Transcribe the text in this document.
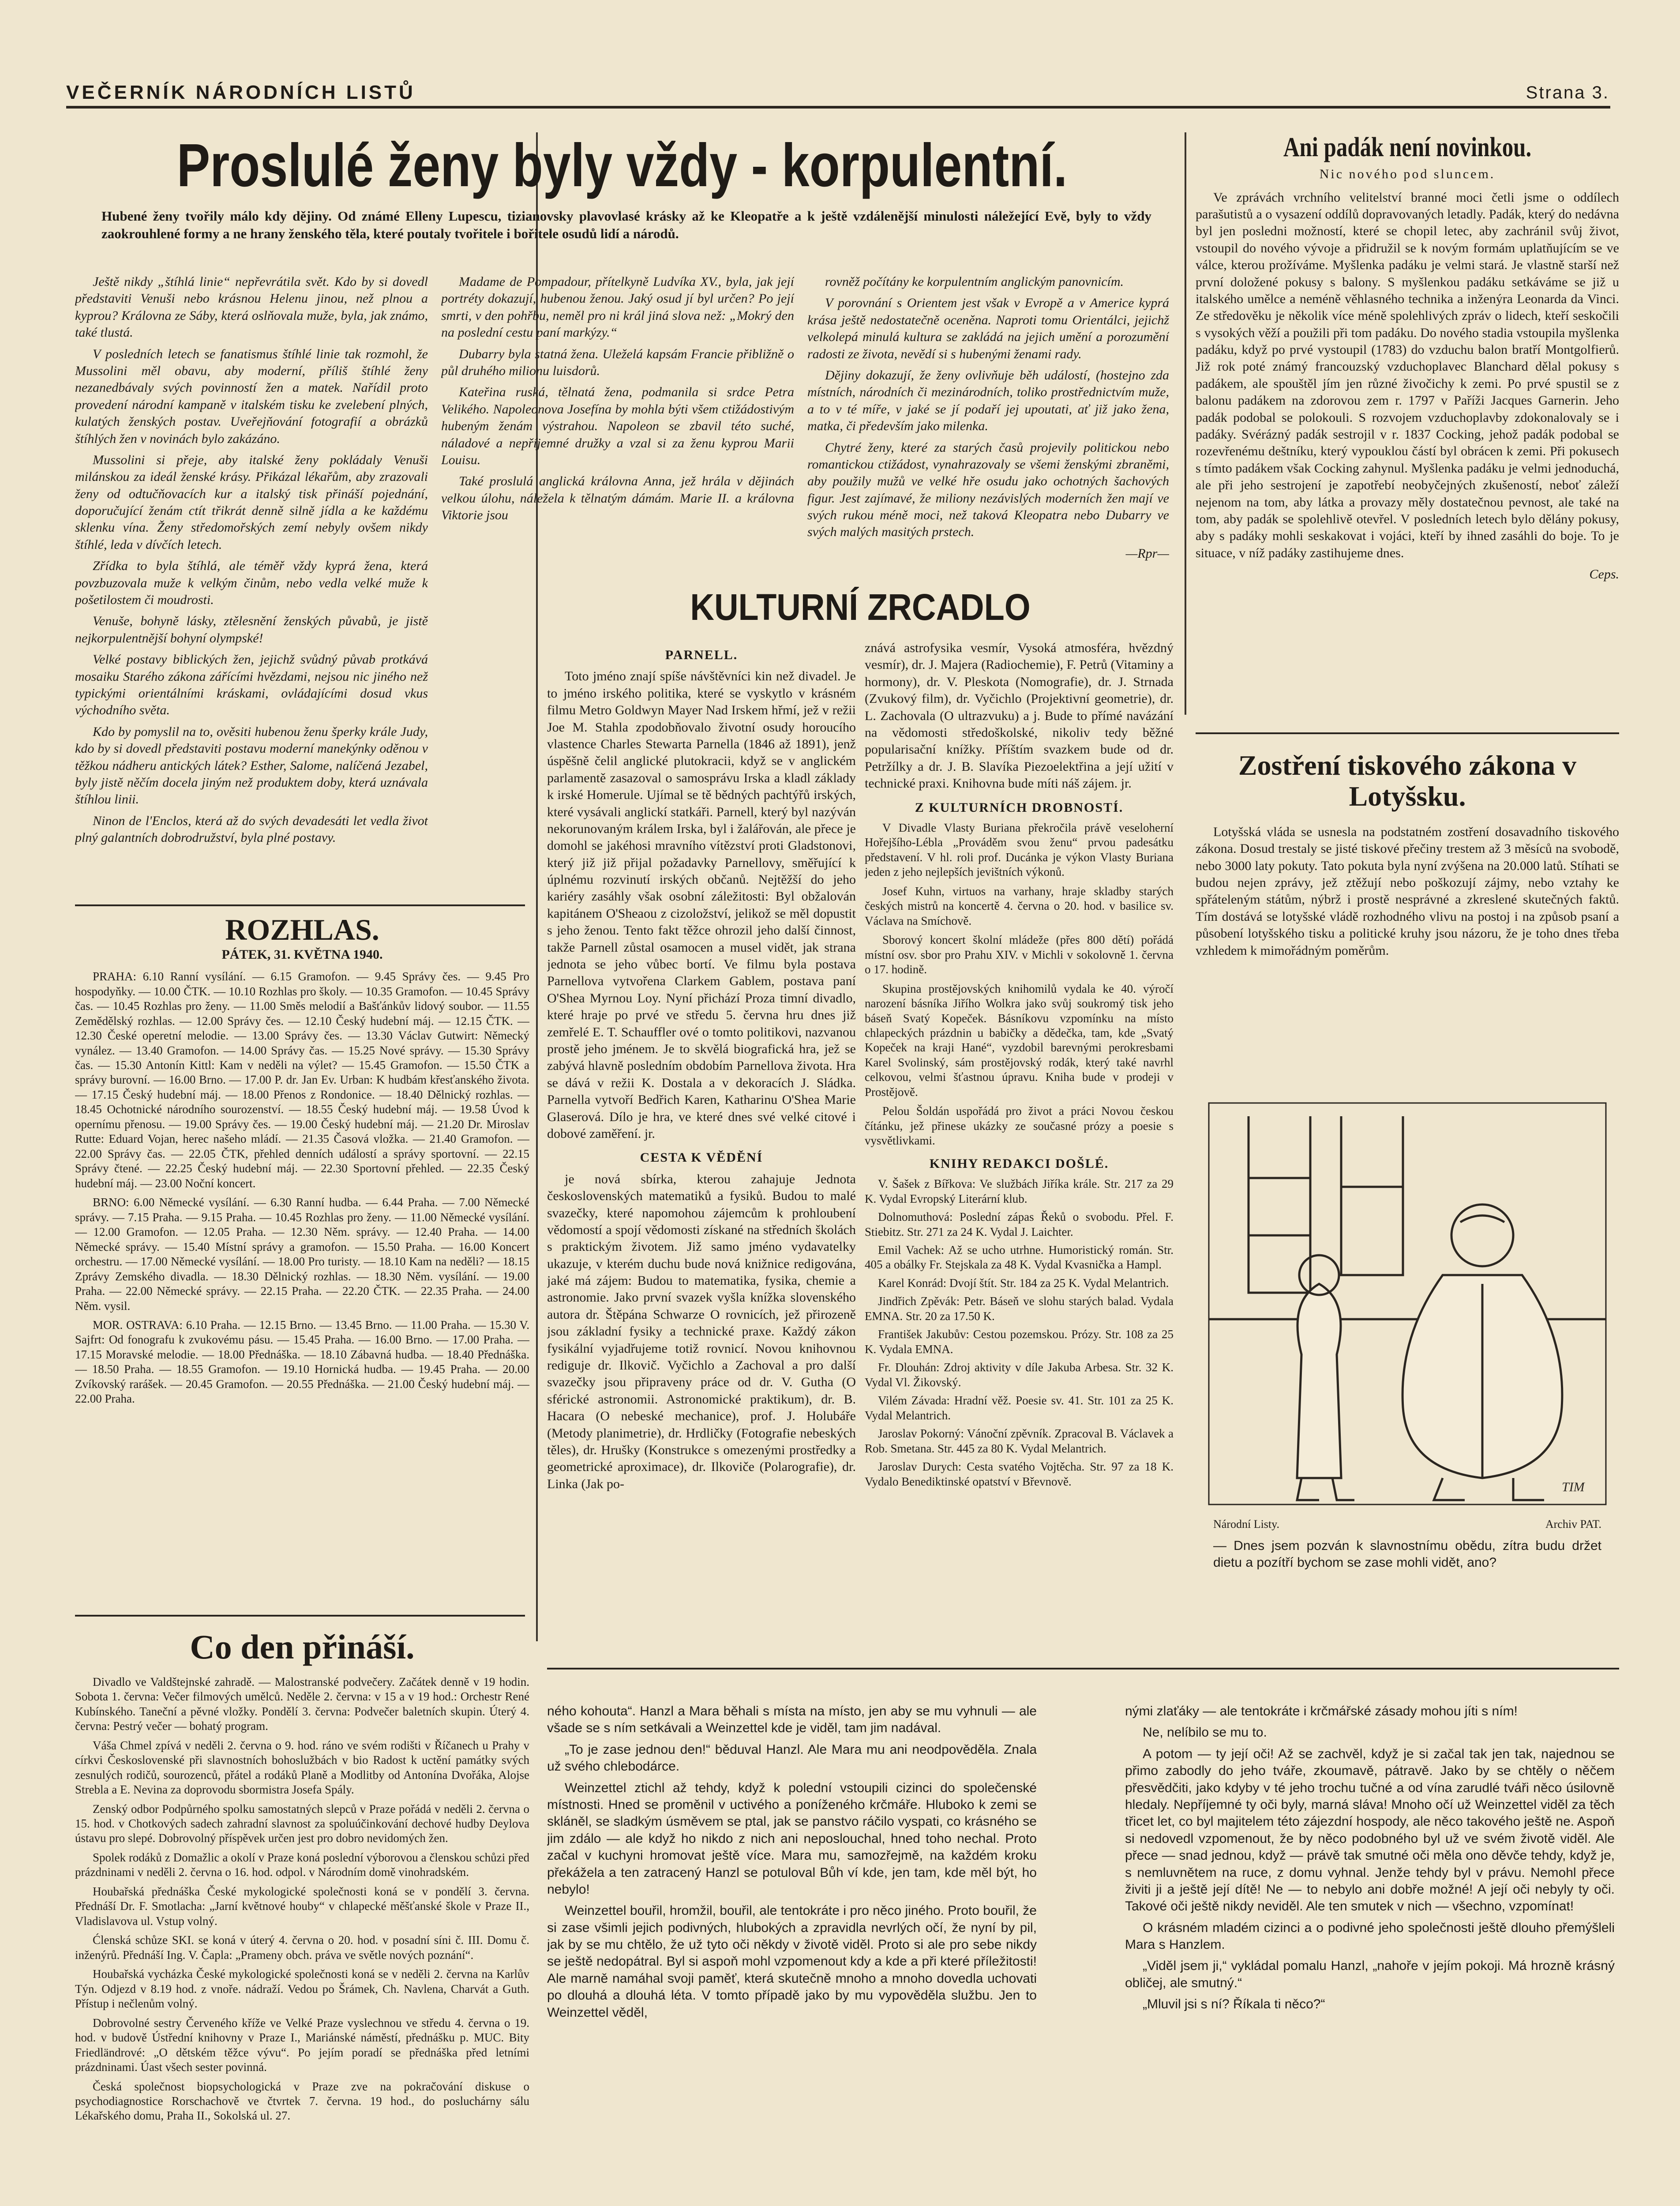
VEČERNÍK NÁRODNÍCH LISTŮ	Strana 3.
Proslulé ženy byly vždy - korpulentní.
Hubené ženy tvořily málo kdy dějiny. Od známé Elleny Lupescu, tizianovsky plavovlasé krásky až ke Kleopatře a k ještě vzdálenější minulosti náležející Evě, byly to vždy zaokrouhlené formy a ne hrany ženského těla, které poutaly tvořitele i bořitele osudů lidí a národů.

Ještě nikdy „štíhlá linie“ nepřevrátila svět. Kdo by si dovedl představiti Venuši nebo krásnou Helenu jinou, než plnou a kyprou? Královna ze Sáby, která oslňovala muže, byla, jak známo, také tlustá.

V posledních letech se fanatismus štíhlé linie tak rozmohl, že Mussolini měl obavu, aby moderní, příliš štíhlé ženy nezanedbávaly svých povinností žen a matek. Nařídil proto provedení národní kampaně v italském tisku ke zvelebení plných, kulatých ženských postav. Uveřejňování fotografií a obrázků štíhlých žen v novinách bylo zakázáno.

Mussolini si přeje, aby italské ženy pokládaly Venuši milánskou za ideál ženské krásy. Přikázal lékařům, aby zrazovali ženy od odtučňovacích kur a italský tisk přináší pojednání, doporučující ženám ctít třikrát denně silně jídla a ke každému sklenku vína. Ženy středomořských zemí nebyly ovšem nikdy štíhlé, leda v dívčích letech.

Zřídka to byla štíhlá, ale téměř vždy kyprá žena, která povzbuzovala muže k velkým činům, nebo vedla velké muže k pošetilostem či moudrosti.

Venuše, bohyně lásky, ztělesnění ženských půvabů, je jistě nejkorpulentnější bohyní olympské!

Velké postavy biblických žen, jejichž svůdný půvab protkává mosaiku Starého zákona zářícími hvězdami, nejsou nic jiného než typickými orientálními kráskami, ovládajícími dosud vkus východního světa.

Kdo by pomyslil na to, ověsiti hubenou ženu šperky krále Judy, kdo by si dovedl představiti postavu moderní manekýnky oděnou v těžkou nádheru antických látek? Esther, Salome, nalíčená Jezabel, byly jistě něčím docela jiným než produktem doby, která uznávala štíhlou linii.

Ninon de l'Enclos, která až do svých devadesáti let vedla život plný galantních dobrodružství, byla plné postavy.

Madame de Pompadour, přítelkyně Ludvíka XV., byla, jak její portréty dokazují, hubenou ženou. Jaký osud jí byl určen? Po její smrti, v den pohřbu, neměl pro ni král jiná slova než: „Mokrý den na poslední cestu paní markýzy.“

Dubarry byla statná žena. Uleželá kapsám Francie přibližně o půl druhého milionu luisdorů.

Kateřina ruská, tělnatá žena, podmanila si srdce Petra Velikého. Napoleonova Josefína by mohla býti všem ctižádostivým hubeným ženám výstrahou. Napoleon se zbavil této suché, náladové a nepříjemné družky a vzal si za ženu kyprou Marii Louisu.

Také proslulá anglická královna Anna, jež hrála v dějinách velkou úlohu, náležela k tělnatým dámám. Marie II. a královna Viktorie jsou

rovněž počítány ke korpulentním anglickým panovnicím.

V porovnání s Orientem jest však v Evropě a v Americe kyprá krása ještě nedostatečně oceněna. Naproti tomu Orientálci, jejichž velkolepá minulá kultura se zakládá na jejich umění a porozumění radosti ze života, nevědí si s hubenými ženami rady.

Dějiny dokazují, že ženy ovlivňuje běh událostí, (hostejno zda místních, národních či mezinárodních, toliko prostřednictvím muže, a to v té míře, v jaké se jí podaří jej upoutati, ať již jako žena, matka, či především jako milenka.

Chytré ženy, které za starých časů projevily politickou nebo romantickou ctižádost, vynahrazovaly se všemi ženskými zbraněmi, aby použily mužů ve velké hře osudu jako ochotných šachových figur. Jest zajímavé, že miliony nezávislých moderních žen mají ve svých rukou méně moci, než taková Kleopatra nebo Dubarry ve svých malých masitých prstech.

—Rpr—
Ani padák není novinkou.
Nic nového pod sluncem.

Ve zprávách vrchního velitelství branné moci četli jsme o oddílech parašutistů a o vysazení oddílů dopravovaných letadly. Padák, který do nedávna byl jen posledni možností, které se chopil letec, aby zachránil svůj život, vstoupil do nového vývoje a přidružil se k novým formám uplatňujícím se ve válce, kterou prožíváme. Myšlenka padáku je velmi stará. Je vlastně starší než první doložené pokusy s balony. S myšlenkou padáku setkáváme se již u italského umělce a neméně věhlasného technika a inženýra Leonarda da Vinci. Ze středověku je několik více méně spolehlivých zpráv o lidech, kteří seskočili s vysokých věží a použili při tom padáku. Do nového stadia vstoupila myšlenka padáku, když po prvé vystoupil (1783) do vzduchu balon bratří Montgolfierů. Již rok poté známý francouzský vzduchoplavec Blanchard dělal pokusy s padákem, ale spouštěl jím jen různé živočichy k zemi. Po prvé spustil se z balonu padákem na zdorovou zem r. 1797 v Paříži Jacques Garnerin. Jeho padák podobal se polokouli. S rozvojem vzduchoplavby zdokonalovaly se i padáky. Svérázný padák sestrojil v r. 1837 Cocking, jehož padák podobal se rozevřenému deštníku, který vypouklou částí byl obrácen k zemi. Při pokusech s tímto padákem však Cocking zahynul. Myšlenka padáku je velmi jednoduchá, ale při jeho sestrojení je zapotřebí neobyčejných zkušeností, neboť záleží nejenom na tom, aby látka a provazy měly dostatečnou pevnost, ale také na tom, aby padák se spolehlivě otevřel. V posledních letech bylo dělány pokusy, aby s padáky mohli seskakovat i vojáci, kteří by ihned zasáhli do boje. To je situace, v níž padáky zastihujeme dnes.

Ceps.
Zostření tiskového zákona v Lotyšsku.

Lotyšská vláda se usnesla na podstatném zostření dosavadního tiskového zákona. Dosud trestaly se jisté tiskové přečiny trestem až 3 měsíců na svobodě, nebo 3000 laty pokuty. Tato pokuta byla nyní zvýšena na 20.000 latů. Stíhati se budou nejen zprávy, jež ztěžují nebo poškozují zájmy, nebo vztahy ke spřáteleným státům, nýbrž i prostě nesprávné a zkreslené skutečných faktů. Tím dostává se lotyšské vládě rozhodného vlivu na postoj i na způsob psaní a působení lotyšského tisku a politické kruhy jsou názoru, že je toho dnes třeba vzhledem k mimořádným poměrům.

ROZHLAS.
PÁTEK, 31. KVĚTNA 1940.

PRAHA: 6.10 Ranní vysílání. — 6.15 Gramofon. — 9.45 Správy čes. — 9.45 Pro hospodyňky. — 10.00 ČTK. — 10.10 Rozhlas pro školy. — 10.35 Gramofon. — 10.45 Správy čas. — 10.45 Rozhlas pro ženy. — 11.00 Směs melodií a Bašťánkův lidový soubor. — 11.55 Zemědělský rozhlas. — 12.00 Správy čes. — 12.10 Český hudební máj. — 12.15 ČTK. — 12.30 České operetní melodie. — 13.00 Správy čes. — 13.30 Václav Gutwirt: Německý vynález. — 13.40 Gramofon. — 14.00 Správy čas. — 15.25 Nové správy. — 15.30 Správy čas. — 15.30 Antonín Kittl: Kam v neděli na výlet? — 15.45 Gramofon. — 15.50 ČTK a správy burovní. — 16.00 Brno. — 17.00 P. dr. Jan Ev. Urban: K hudbám křesťanského života. — 17.15 Český hudební máj. — 18.00 Přenos z Rondonice. — 18.40 Dělnický rozhlas. — 18.45 Ochotnické národního sourozenství. — 18.55 Český hudební máj. — 19.58 Úvod k opernímu přenosu. — 19.00 Správy čes. — 19.00 Český hudební máj. — 21.20 Dr. Miroslav Rutte: Eduard Vojan, herec našeho mládí. — 21.35 Časová vložka. — 21.40 Gramofon. — 22.00 Správy čas. — 22.05 ČTK, přehled denních událostí a správy sportovní. — 22.15 Správy čtené. — 22.25 Český hudební máj. — 22.30 Sportovní přehled. — 22.35 Český hudební máj. — 23.00 Noční koncert.

BRNO: 6.00 Německé vysílání. — 6.30 Ranní hudba. — 6.44 Praha. — 7.00 Německé správy. — 7.15 Praha. — 9.15 Praha. — 10.45 Rozhlas pro ženy. — 11.00 Německé vysílání. — 12.00 Gramofon. — 12.05 Praha. — 12.30 Něm. správy. — 12.40 Praha. — 14.00 Německé správy. — 15.40 Místní správy a gramofon. — 15.50 Praha. — 16.00 Koncert orchestru. — 17.00 Německé vysílání. — 18.00 Pro turisty. — 18.10 Kam na neděli? — 18.15 Zprávy Zemského divadla. — 18.30 Dělnický rozhlas. — 18.30 Něm. vysílání. — 19.00 Praha. — 22.00 Německé správy. — 22.15 Praha. — 22.20 ČTK. — 22.35 Praha. — 24.00 Něm. vysil.

MOR. OSTRAVA: 6.10 Praha. — 12.15 Brno. — 13.45 Brno. — 11.00 Praha. — 15.30 V. Sajfrt: Od fonografu k zvukovému pásu. — 15.45 Praha. — 16.00 Brno. — 17.00 Praha. — 17.15 Moravské melodie. — 18.00 Přednáška. — 18.10 Zábavná hudba. — 18.40 Přednáška. — 18.50 Praha. — 18.55 Gramofon. — 19.10 Hornická hudba. — 19.45 Praha. — 20.00 Zvíkovský rarášek. — 20.45 Gramofon. — 20.55 Přednáška. — 21.00 Český hudební máj. — 22.00 Praha.

Co den přináší.

Divadlo ve Valdštejnské zahradě. — Malostranské podvečery. Začátek denně v 19 hodin. Sobota 1. června: Večer filmových umělců. Neděle 2. června: v 15 a v 19 hod.: Orchestr René Kubínského. Taneční a pěvné vložky. Pondělí 3. června: Podvečer baletních skupin. Úterý 4. června: Pestrý večer — bohatý program.

Váša Chmel zpívá v neděli 2. června o 9. hod. ráno ve svém rodišti v Říčanech u Prahy v církvi Československé při slavnostních bohoslužbách v bio Radost k uctění památky svých zesnulých rodičů, sourozenců, přátel a rodáků Planě a Modlitby od Antonína Dvořáka, Alojse Strebla a E. Nevina za doprovodu sbormistra Josefa Spály.

Zenský odbor Podpůrného spolku samostatných slepců v Praze pořádá v neděli 2. června o 15. hod. v Chotkových sadech zahradní slavnost za spoluúčinkování dechové hudby Deylova ústavu pro slepé. Dobrovolný příspěvek určen jest pro dobro nevidomých žen.

Spolek rodáků z Domažlic a okolí v Praze koná poslední výborovou a členskou schůzi před prázdninami v neděli 2. června o 16. hod. odpol. v Národním domě vinohradském.

Houbařská přednáška České mykologické společnosti koná se v pondělí 3. června. Přednáší Dr. F. Smotlacha: „Jarní květnové houby“ v chlapecké měšťanské škole v Praze II., Vladislavova ul. Vstup volný.

Ćlenská schůze SKI. se koná v úterý 4. června o 20. hod. v posadní síni č. III. Domu č. inženýrů. Přednáší Ing. V. Čapla: „Prameny obch. práva ve světle nových poznání“.

Houbařská vycházka České mykologické společnosti koná se v neděli 2. června na Karlův Týn. Odjezd v 8.19 hod. z vnoře. nádraží. Vedou po Šrámek, Ch. Navlena, Charvát a Guth. Přístup i nečlenům volný.

Dobrovolné sestry Červeného kříže ve Velké Praze vyslechnou ve středu 4. června o 19. hod. v budově Ústřední knihovny v Praze I., Mariánské náměstí, přednášku p. MUC. Bity Friedländrové: „O dětském těžce vývu“. Po jejím poradí se přednáška před letními prázdninami. Úast všech sester povinná.

Česká společnost biopsychologická v Praze zve na pokračování diskuse o psychodiagnostice Rorschachově ve čtvrtek 7. června. 19 hod., do posluchárny sálu Lékařského domu, Praha II., Sokolská ul. 27.

KULTURNÍ ZRCADLO
PARNELL.

Toto jméno znají spíše návštěvníci kin než divadel. Je to jméno irského politika, které se vyskytlo v krásném filmu Metro Goldwyn Mayer Nad Irskem hřmí, jež v režii Joe M. Stahla zpodobňovalo životní osudy horoucího vlastence Charles Stewarta Parnella (1846 až 1891), jenž úspěšně čelil anglické plutokracii, když se v anglickém parlamentě zasazoval o samosprávu Irska a kladl základy k irské Homerule. Ujímal se tě bědných pachtýřů irských, které vysávali anglickí statkáři. Parnell, který byl nazýván nekorunovaným králem Irska, byl i žalářován, ale přece je domohl se jakéhosi mravního vítězství proti Gladstonovi, který již již přijal požadavky Parnellovy, směřující k úplnému rozvinutí irských občanů. Nejtěžší do jeho kariéry zasáhly však osobní záležitosti: Byl obžalován kapitánem O'Sheaou z cizoložství, jelikož se měl dopustit s jeho ženou. Tento fakt těžce ohrozil jeho další činnost, takže Parnell zůstal osamocen a musel vidět, jak strana jednota se jeho vůbec bortí. Ve filmu byla postava Parnellova vytvořena Clarkem Gablem, postava paní O'Shea Myrnou Loy. Nyní přichází Proza timní divadlo, které hraje po prvé ve středu 5. června hru dnes již zemřelé E. T. Schauffler ové o tomto politikovi, nazvanou prostě jeho jménem. Je to skvělá biografická hra, jež se zabývá hlavně posledním obdobím Parnellova života. Hra se dává v režii K. Dostala a v dekoracích J. Sládka. Parnella vytvoří Bedřich Karen, Katharinu O'Shea Marie Glaserová. Dílo je hra, ve které dnes své velké citové i dobové zaměření. jr.

CESTA K VĚDĚNÍ

je nová sbírka, kterou zahajuje Jednota československých matematiků a fysiků. Budou to malé svazečky, které napomohou zájemcům k prohloubení vědomostí a spojí vědomosti získané na středních školách s praktickým životem. Již samo jméno vydavatelky ukazuje, v kterém duchu bude nová knižnice redigována, jaké má zájem: Budou to matematika, fysika, chemie a astronomie. Jako první svazek vyšla knížka slovenského autora dr. Štěpána Schwarze O rovnicích, jež přirozeně jsou základní fysiky a technické praxe. Každý zákon fysikální vyjadřujeme totiž rovnicí. Novou knihovnou rediguje dr. Ilkovič. Vyčichlo a Zachoval a pro další svazečky jsou připraveny práce od dr. V. Gutha (O sférické astronomii. Astronomické praktikum), dr. B. Hacara (O nebeské mechanice), prof. J. Holubáře (Metody planimetrie), dr. Hrdličky (Fotografie nebeských těles), dr. Hrušky (Konstrukce s omezenými prostředky a geometrické aproximace), dr. Ilkoviče (Polarografie), dr. Linka (Jak po-

znává astrofysika vesmír, Vysoká atmosféra, hvězdný vesmír), dr. J. Majera (Radiochemie), F. Petrů (Vitaminy a hormony), dr. V. Pleskota (Nomografie), dr. J. Strnada (Zvukový film), dr. Vyčichlo (Projektivní geometrie), dr. L. Zachovala (O ultrazvuku) a j. Bude to přímé navázání na vědomosti středoškolské, nikoliv tedy běžné popularisační knížky. Příštím svazkem bude od dr. Petržílky a dr. J. B. Slavíka Piezoelektřina a její užití v technické praxi. Knihovna bude míti náš zájem. jr.

Z KULTURNÍCH DROBNOSTÍ.

V Divadle Vlasty Buriana překročila právě veseloherní Hořejšího-Lébla „Prováděm svou ženu“ prvou padesátku představení. V hl. roli prof. Ducánka je výkon Vlasty Buriana jeden z jeho nejlepších jevištních výkonů.

Josef Kuhn, virtuos na varhany, hraje skladby starých českých mistrů na koncertě 4. června o 20. hod. v basilice sv. Václava na Smíchově.

Sborový koncert školní mládeže (přes 800 dětí) pořádá místní osv. sbor pro Prahu XIV. v Michli v sokolovně 1. června o 17. hodině.

Skupina prostějovských knihomilů vydala ke 40. výročí narození básníka Jiřího Wolkra jako svůj soukromý tisk jeho báseň Svatý Kopeček. Básníkovu vzpomínku na místo chlapeckých prázdnin u babičky a dědečka, tam, kde „Svatý Kopeček na kraji Hané“, vyzdobil barevnými perokresbami Karel Svolinský, sám prostějovský rodák, který také navrhl celkovou, velmi šťastnou úpravu. Kniha bude v prodeji v Prostějově.

Pelou Šoldán uspořádá pro život a práci Novou českou čítánku, jež přinese ukázky ze současné prózy a poesie s vysvětlivkami.

KNIHY REDAKCI DOŠLÉ.

V. Šašek z Bířkova: Ve službách Jiříka krále. Str. 217 za 29 K. Vydal Evropský Literární klub.

Dolnomuthová: Poslední zápas Řeků o svobodu. Přel. F. Stiebitz. Str. 271 za 24 K. Vydal J. Laichter.

Emil Vachek: Až se ucho utrhne. Humoristický román. Str. 405 a obálky Fr. Stejskala za 48 K. Vydal Kvasnička a Hampl.

Karel Konrád: Dvojí štít. Str. 184 za 25 K. Vydal Melantrich.

Jindřich Zpěvák: Petr. Báseň ve slohu starých balad. Vydala EMNA. Str. 20 za 17.50 K.

František Jakubův: Cestou pozemskou. Prózy. Str. 108 za 25 K. Vydala EMNA.

Fr. Dlouhán: Zdroj aktivity v díle Jakuba Arbesa. Str. 32 K. Vydal Vl. Žikovský.

Vilém Závada: Hradní věž. Poesie sv. 41. Str. 101 za 25 K. Vydal Melantrich.

Jaroslav Pokorný: Vánoční zpěvník. Zpracoval B. Václavek a Rob. Smetana. Str. 445 za 80 K. Vydal Melantrich.

Jaroslav Durych: Cesta svatého Vojtěcha. Str. 97 za 18 K. Vydalo Benediktinské opatství v Břevnově.	TIM
Národní Listy.	Archiv PAT.
— Dnes jsem pozván k slavnostnímu obědu, zítra budu držet dietu a pozítří bychom se zase mohli vidět, ano?

ného kohouta“. Hanzl a Mara běhali s místa na místo, jen aby se mu vyhnuli — ale všade se s ním setkávali a Weinzettel kde je viděl, tam jim nadával.

„To je zase jednou den!“ běduval Hanzl. Ale Mara mu ani neodpověděla. Znala už svého chlebodárce.

Weinzettel ztichl až tehdy, když k polední vstoupili cizinci do společenské místnosti. Hned se proměnil v uctivého a poníženého krčmáře. Hluboko k zemi se skláněl, se sladkým úsměvem se ptal, jak se panstvo ráčilo vyspati, co krásného se jim zdálo — ale když ho nikdo z nich ani neposlouchal, hned toho nechal. Proto začal v kuchyni hromovat ještě více. Mara mu, samozřejmě, na každém kroku překážela a ten zatracený Hanzl se potuloval Bůh ví kde, jen tam, kde měl být, ho nebylo!

Weinzettel bouřil, hromžil, bouřil, ale tentokráte i pro něco jiného. Proto bouřil, že si zase všimli jejich podivných, hlubokých a zpravidla nevrlých očí, že nyní by pil, jak by se mu chtělo, že už tyto oči někdy v životě viděl. Proto si ale pro sebe nikdy se ještě nedopátral. Byl si aspoň mohl vzpomenout kdy a kde a při které příležitosti! Ale marně namáhal svoji paměť, která skutečně mnoho a mnoho dovedla uchovati po dlouhá a dlouhá léta. V tomto případě jako by mu vypověděla službu. Jen to Weinzettel věděl,

nými zlaťáky — ale tentokráte i krčmářské zásady mohou jíti s ním!

Ne, nelíbilo se mu to.

A potom — ty její oči! Až se zachvěl, když je si začal tak jen tak, najednou se přimo zabodly do jeho tváře, zkoumavě, pátravě. Jako by se chtěly o něčem přesvědčiti, jako kdyby v té jeho trochu tučné a od vína zarudlé tváři něco úsilovně hledaly. Nepříjemné ty oči byly, marná sláva! Mnoho očí už Weinzettel viděl za těch třicet let, co byl majitelem této zájezdní hospody, ale něco takového ještě ne. Aspoň si nedovedl vzpomenout, že by něco podobného byl už ve svém životě viděl. Ale přece — snad jednou, když — právě tak smutné oči měla ono děvče tehdy, když je, s nemluvnětem na ruce, z domu vyhnal. Jenže tehdy byl v právu. Nemohl přece živiti ji a ještě její dítě! Ne — to nebylo ani dobře možné! A její oči nebyly ty oči. Takové oči ještě nikdy neviděl. Ale ten smutek v nich — všechno, vzpomínat!

O krásném mladém cizinci a o podivné jeho společnosti ještě dlouho přemýšleli Mara s Hanzlem.

„Viděl jsem ji,“ vykládal pomalu Hanzl, „nahoře v jejím pokoji. Má hrozně krásný obličej, ale smutný.“

„Mluvil jsi s ní? Říkala ti něco?“
